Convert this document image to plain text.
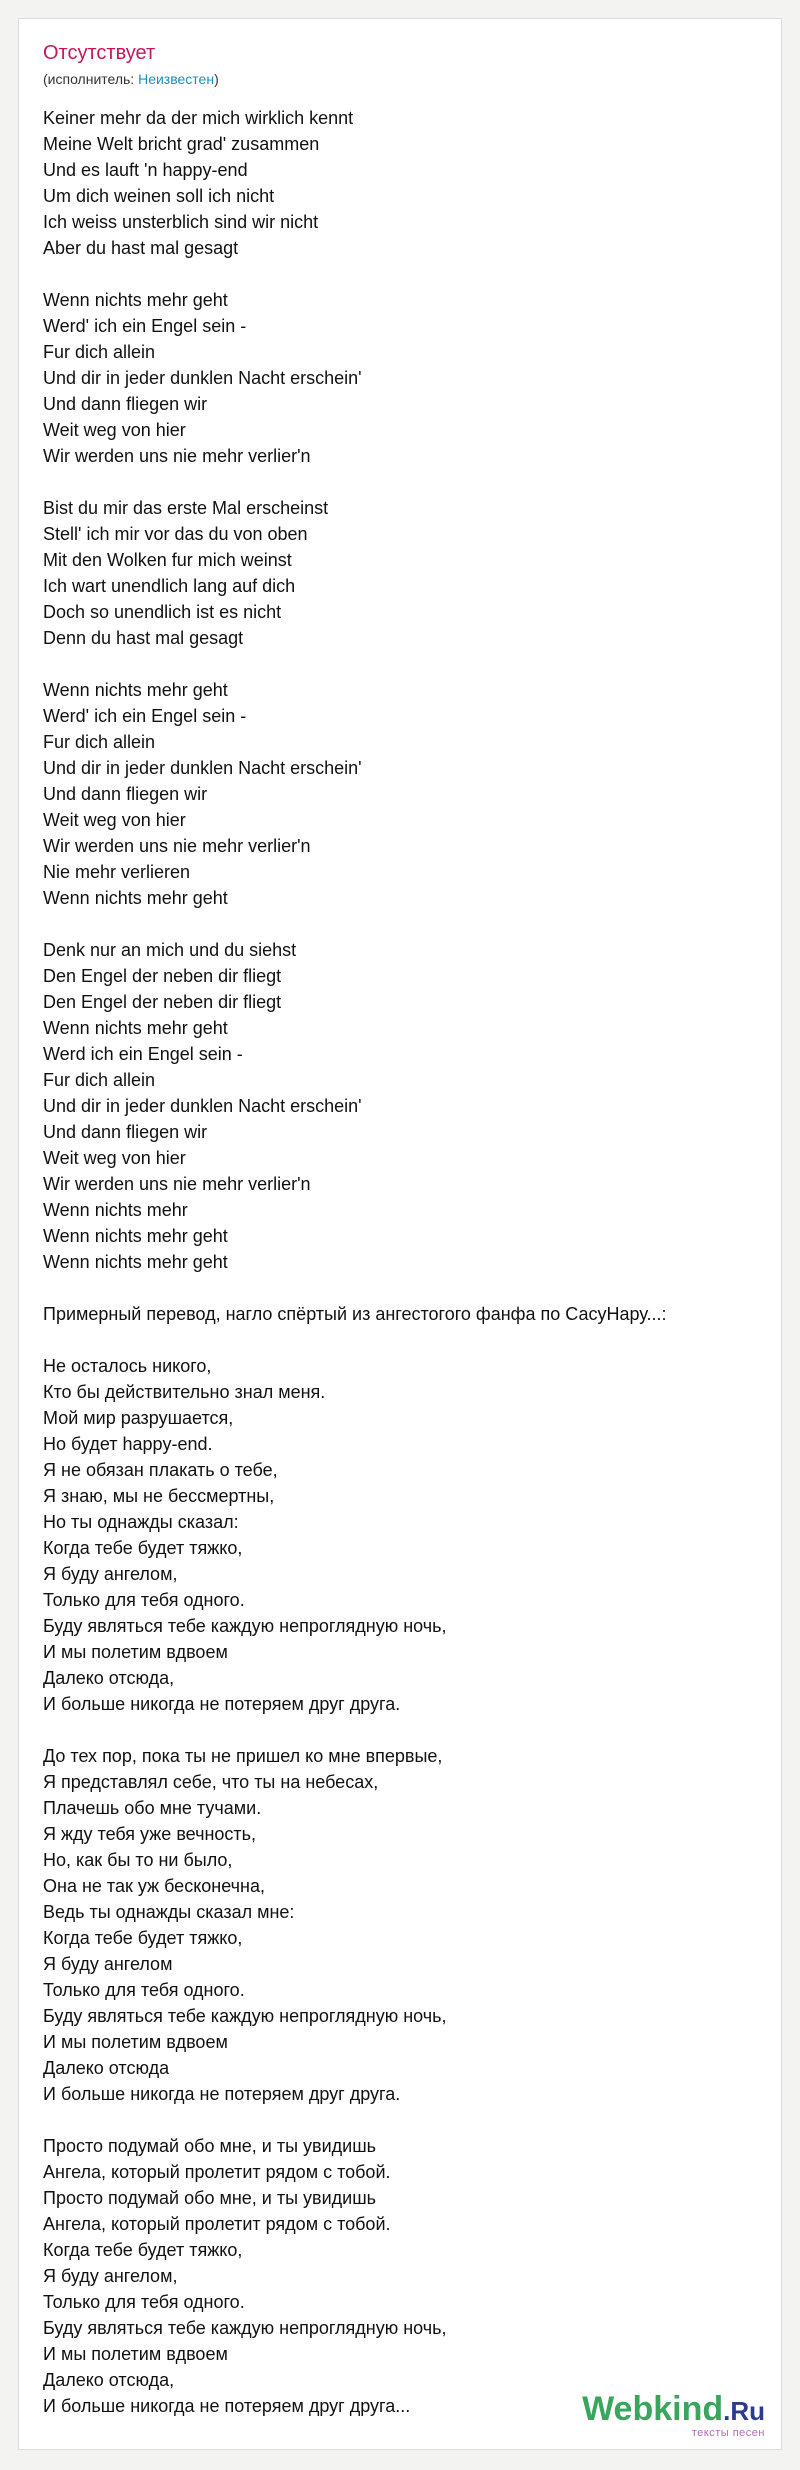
Отсутствует
(исполнитель: Неизвестен)
Keiner mehr da der mich wirklich kennt
Meine Welt bricht grad' zusammen
Und es lauft 'n happy-end
Um dich weinen soll ich nicht
Ich weiss unsterblich sind wir nicht
Aber du hast mal gesagt
Wenn nichts mehr geht
Werd' ich ein Engel sein -
Fur dich allein
Und dir in jeder dunklen Nacht erschein'
Und dann fliegen wir
Weit weg von hier
Wir werden uns nie mehr verlier'n
Bist du mir das erste Mal erscheinst
Stell' ich mir vor das du von oben
Mit den Wolken fur mich weinst
Ich wart unendlich lang auf dich
Doch so unendlich ist es nicht
Denn du hast mal gesagt
Wenn nichts mehr geht
Werd' ich ein Engel sein -
Fur dich allein
Und dir in jeder dunklen Nacht erschein'
Und dann fliegen wir
Weit weg von hier
Wir werden uns nie mehr verlier'n
Nie mehr verlieren
Wenn nichts mehr geht
Denk nur an mich und du siehst
Den Engel der neben dir fliegt
Den Engel der neben dir fliegt
Wenn nichts mehr geht
Werd ich ein Engel sein -
Fur dich allein
Und dir in jeder dunklen Nacht erschein'
Und dann fliegen wir
Weit weg von hier
Wir werden uns nie mehr verlier'n
Wenn nichts mehr
Wenn nichts mehr geht
Wenn nichts mehr geht
Примерный перевод, нагло спёртый из ангестогого фанфа по СасуНару...:
Не осталось никого,
Кто бы действительно знал меня.
Мой мир разрушается,
Но будет happy-end.
Я не обязан плакать о тебе,
Я знаю, мы не бессмертны,
Но ты однажды сказал:
Когда тебе будет тяжко,
Я буду ангелом,
Только для тебя одного.
Буду являться тебе каждую непроглядную ночь,
И мы полетим вдвоем
Далеко отсюда,
И больше никогда не потеряем друг друга.
До тех пор, пока ты не пришел ко мне впервые,
Я представлял себе, что ты на небесах,
Плачешь обо мне тучами.
Я жду тебя уже вечность,
Но, как бы то ни было,
Она не так уж бесконечна,
Ведь ты однажды сказал мне:
Когда тебе будет тяжко,
Я буду ангелом
Только для тебя одного.
Буду являться тебе каждую непроглядную ночь,
И мы полетим вдвоем
Далеко отсюда
И больше никогда не потеряем друг друга.
Просто подумай обо мне, и ты увидишь
Ангела, который пролетит рядом с тобой.
Просто подумай обо мне, и ты увидишь
Ангела, который пролетит рядом с тобой.
Когда тебе будет тяжко,
Я буду ангелом,
Только для тебя одного.
Буду являться тебе каждую непроглядную ночь,
И мы полетим вдвоем
Далеко отсюда,
И больше никогда не потеряем друг друга...	Webkind.Ru
тексты песен
